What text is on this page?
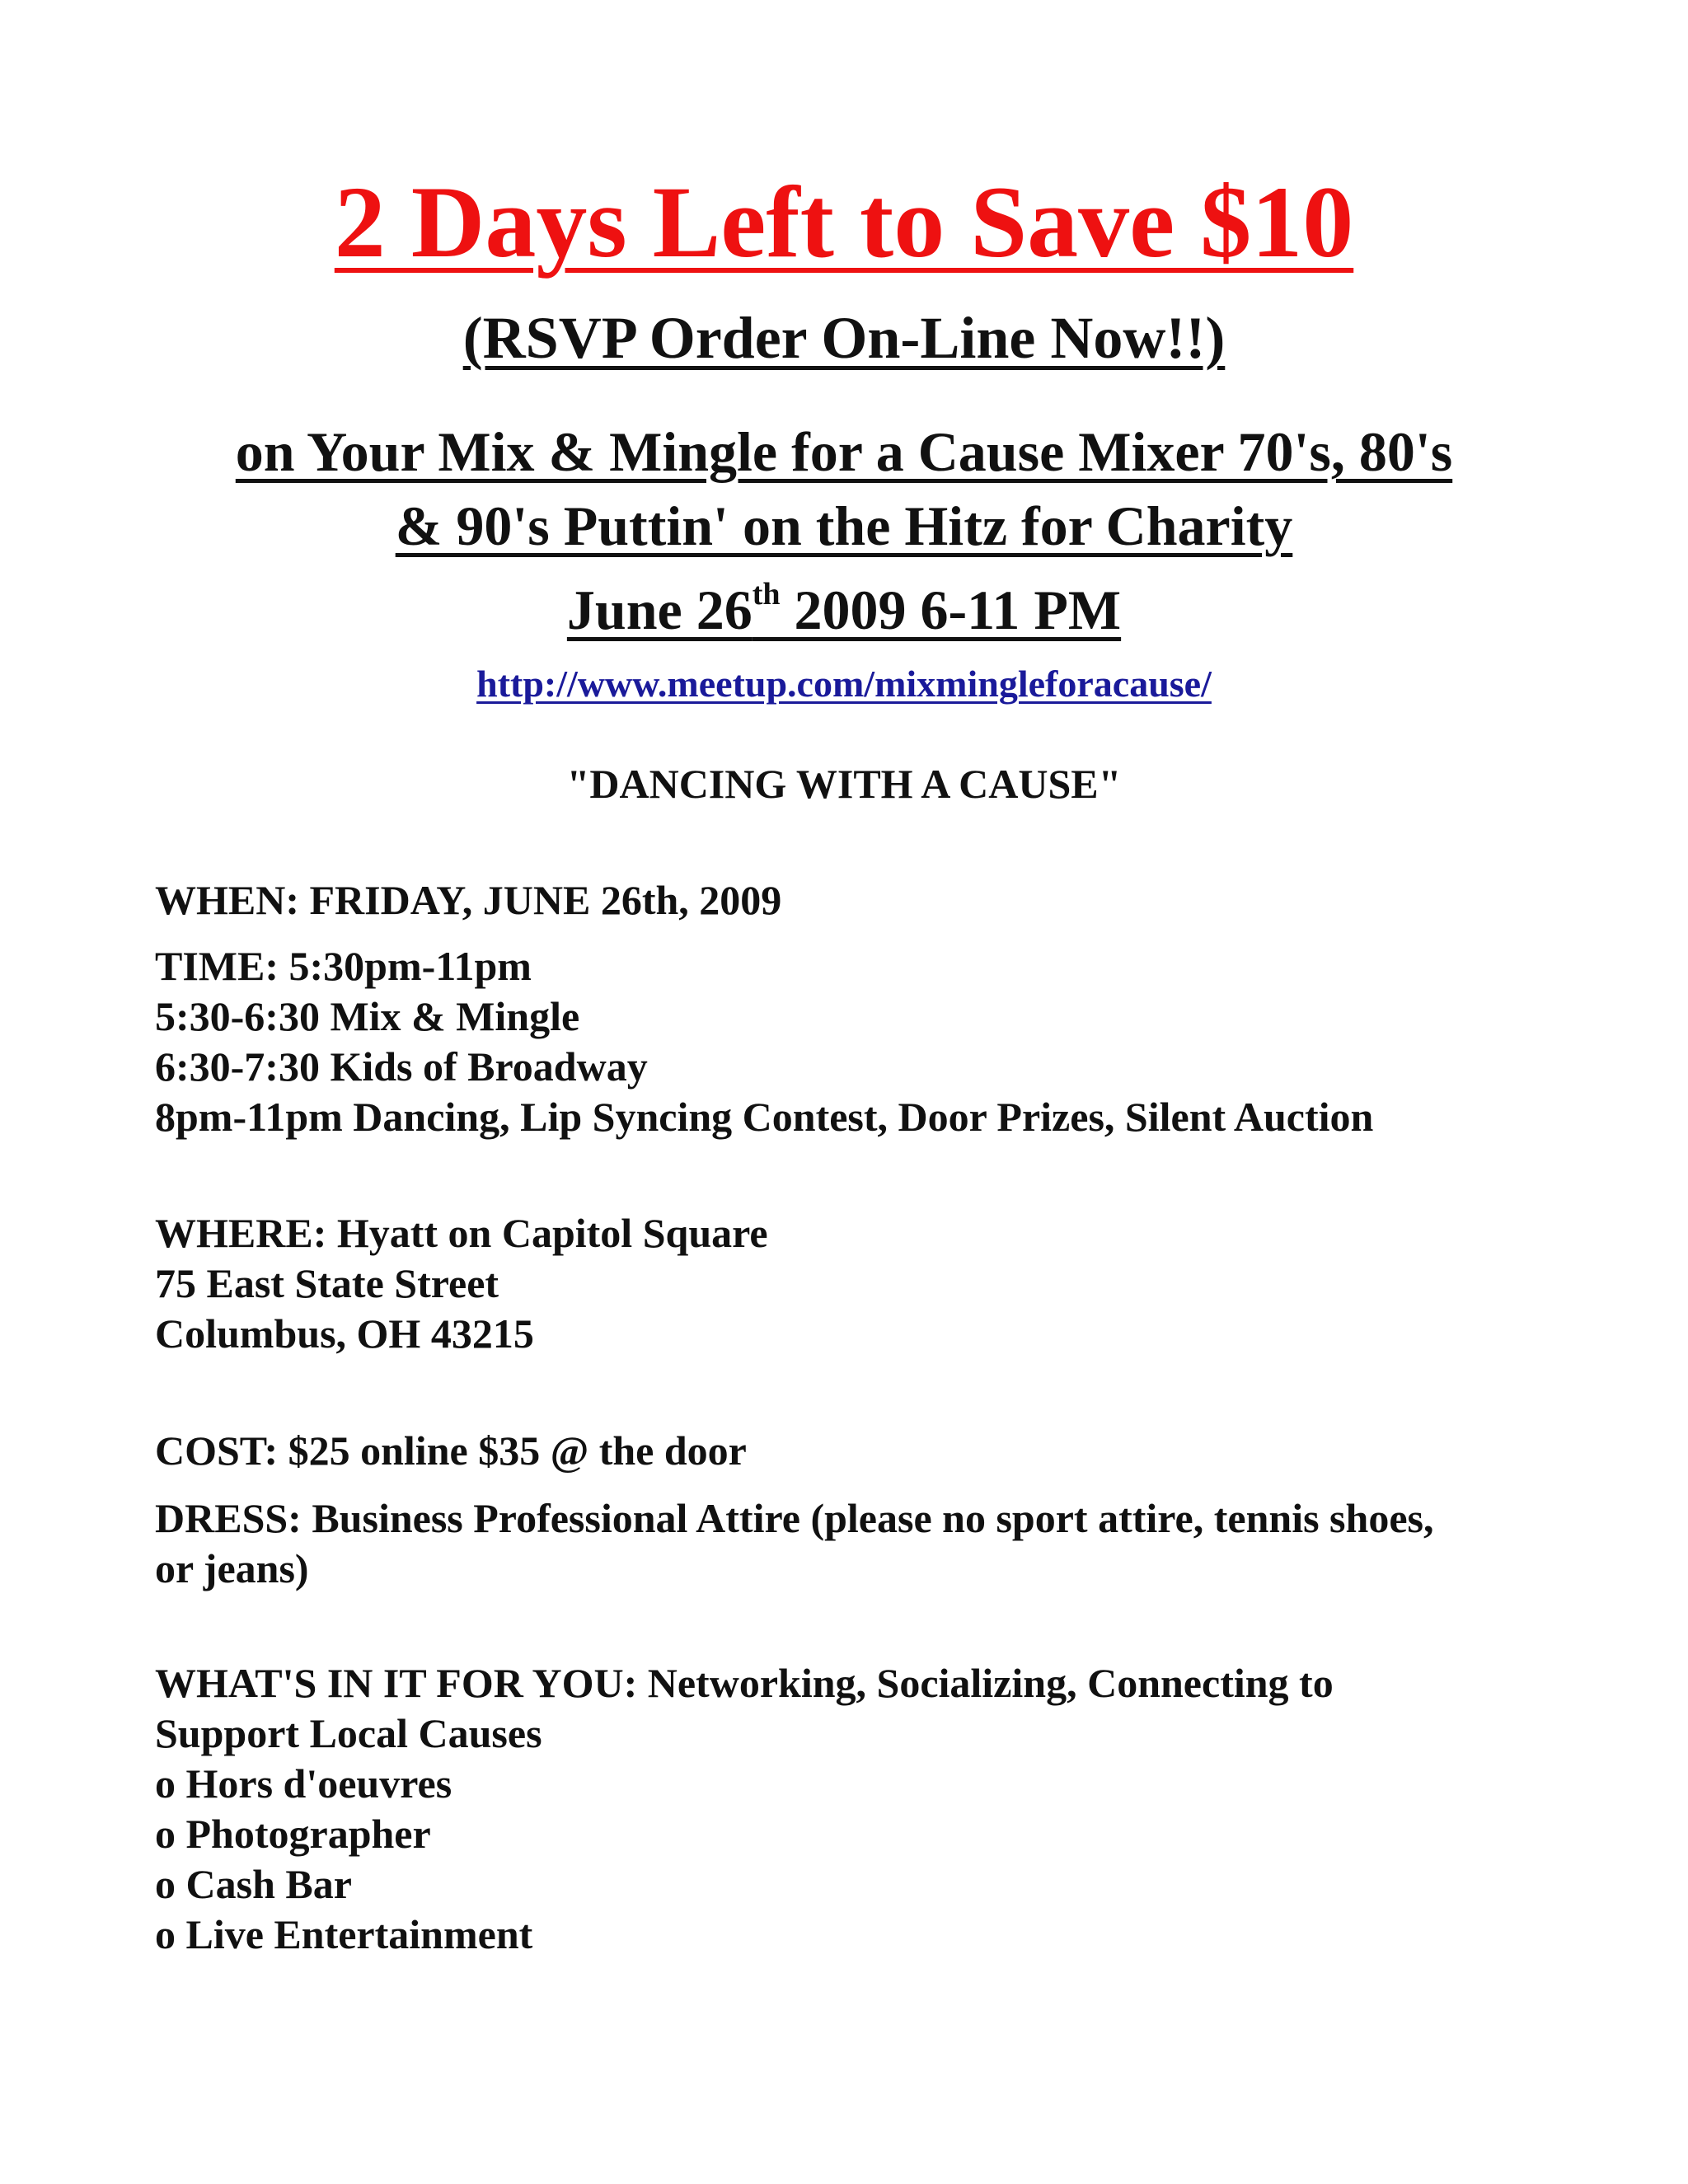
2 Days Left to Save $10
(RSVP Order On-Line Now!!)
on Your Mix & Mingle for a Cause Mixer 70's, 80's
& 90's Puttin' on the Hitz for Charity
June 26th 2009 6-11 PM
http://www.meetup.com/mixmingleforacause/
"DANCING WITH A CAUSE"
WHEN: FRIDAY, JUNE 26th, 2009
TIME: 5:30pm-11pm
5:30-6:30 Mix & Mingle
6:30-7:30 Kids of Broadway
8pm-11pm Dancing, Lip Syncing Contest, Door Prizes, Silent Auction
WHERE: Hyatt on Capitol Square
75 East State Street
Columbus, OH 43215
COST: $25 online $35 @ the door
DRESS: Business Professional Attire (please no sport attire, tennis shoes,
or jeans)
WHAT'S IN IT FOR YOU: Networking, Socializing, Connecting to
Support Local Causes
o Hors d'oeuvres
o Photographer
o Cash Bar
o Live Entertainment
